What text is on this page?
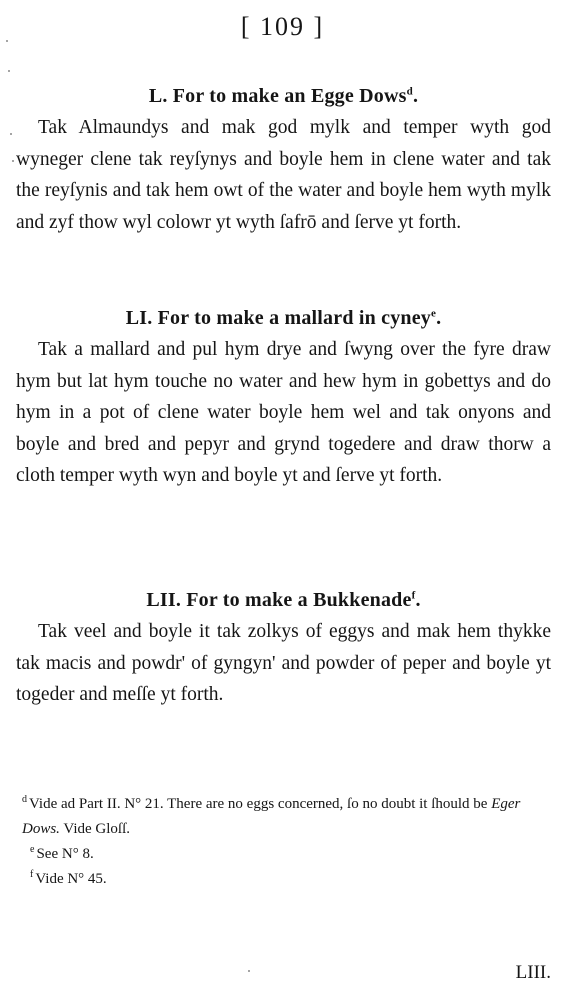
[ 109 ]
L. For to make an Egge Dows$^d$.

Tak Almaundys and mak god mylk and temper wyth god wyneger clene tak reyſynys and boyle hem in clene water and tak the reyſynis and tak hem owt of the water and boyle hem wyth mylk and zyf thow wyl colowr yt wyth ſafrō and ſerve yt forth.

LI. For to make a mallard in cyney$^e$.

Tak a mallard and pul hym drye and ſwyng over the fyre draw hym but lat hym touche no water and hew hym in gobettys and do hym in a pot of clene water boyle hem wel and tak onyons and boyle and bred and pepyr and grynd togedere and draw thorw a cloth temper wyth wyn and boyle yt and ſerve yt forth.

LII. For to make a Bukkenade$^f$.

Tak veel and boyle it tak zolkys of eggys and mak hem thykke tak macis and powdr' of gyngyn' and powder of peper and boyle yt togeder and meſſe yt forth.

$^d$ Vide ad Part II. N° 21. There are no eggs concerned, ſo no doubt it ſhould be Eger Dows. Vide Gloſſ.

$^e$ See N° 8.

$^f$ Vide N° 45.

LIII.
